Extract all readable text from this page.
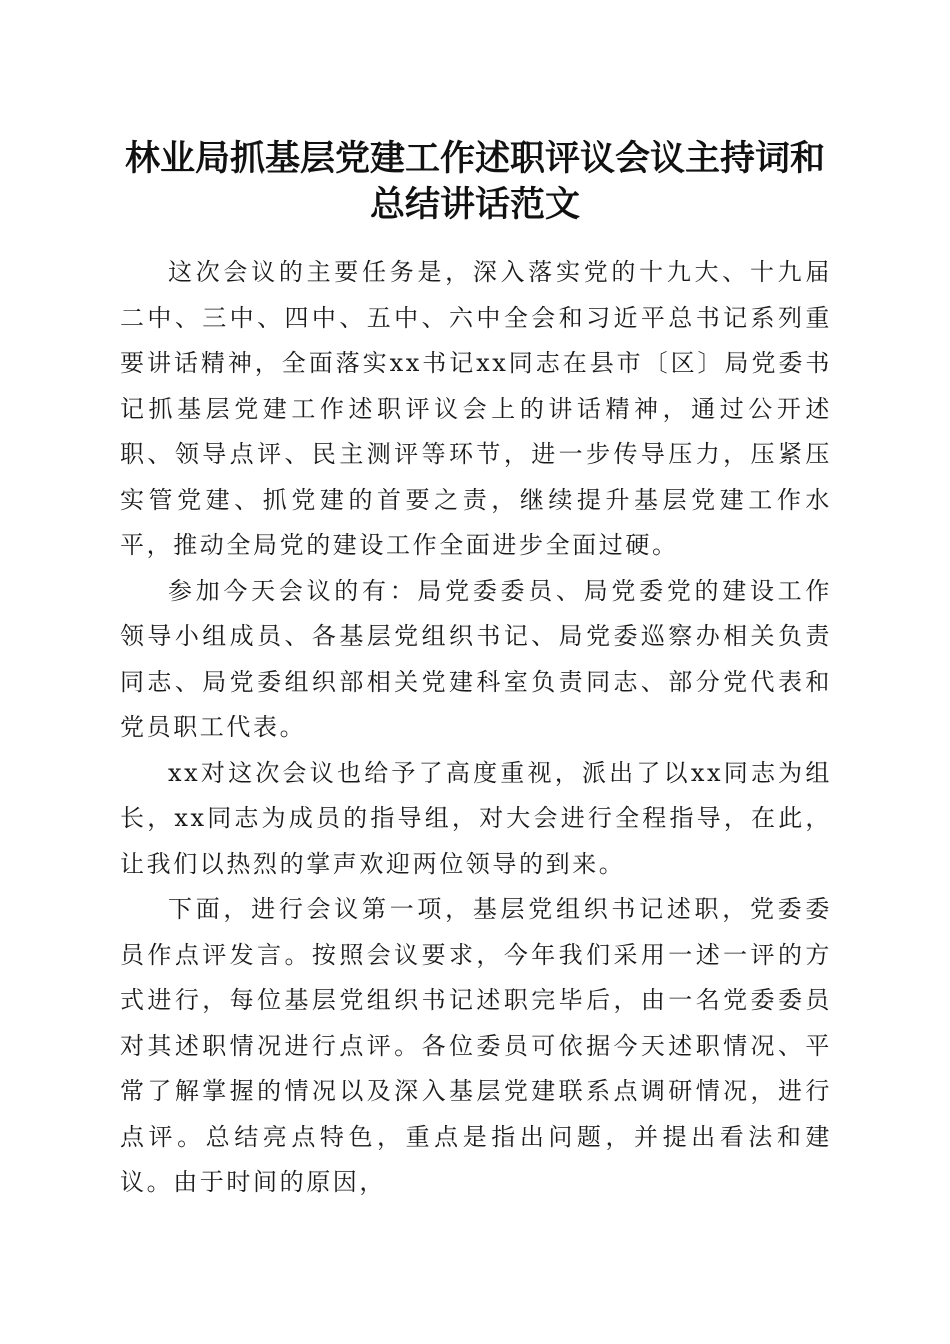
林业局抓基层党建工作述职评议会议主持词和
总结讲话范文

这次会议的主要任务是，深入落实党的十九大、十九届二中、三中、四中、五中、六中全会和习近平总书记系列重要讲话精神，全面落实xx书记xx同志在县市〔区〕局党委书记抓基层党建工作述职评议会上的讲话精神，通过公开述职、领导点评、民主测评等环节，进一步传导压力，压紧压实管党建、抓党建的首要之责，继续提升基层党建工作水平，推动全局党的建设工作全面进步全面过硬。

参加今天会议的有：局党委委员、局党委党的建设工作领导小组成员、各基层党组织书记、局党委巡察办相关负责同志、局党委组织部相关党建科室负责同志、部分党代表和党员职工代表。

xx对这次会议也给予了高度重视，派出了以xx同志为组长，xx同志为成员的指导组，对大会进行全程指导，在此，让我们以热烈的掌声欢迎两位领导的到来。

下面，进行会议第一项，基层党组织书记述职，党委委员作点评发言。按照会议要求，今年我们采用一述一评的方式进行，每位基层党组织书记述职完毕后，由一名党委委员对其述职情况进行点评。各位委员可依据今天述职情况、平常了解掌握的情况以及深入基层党建联系点调研情况，进行点评。总结亮点特色，重点是指出问题，并提出看法和建议。由于时间的原因，
